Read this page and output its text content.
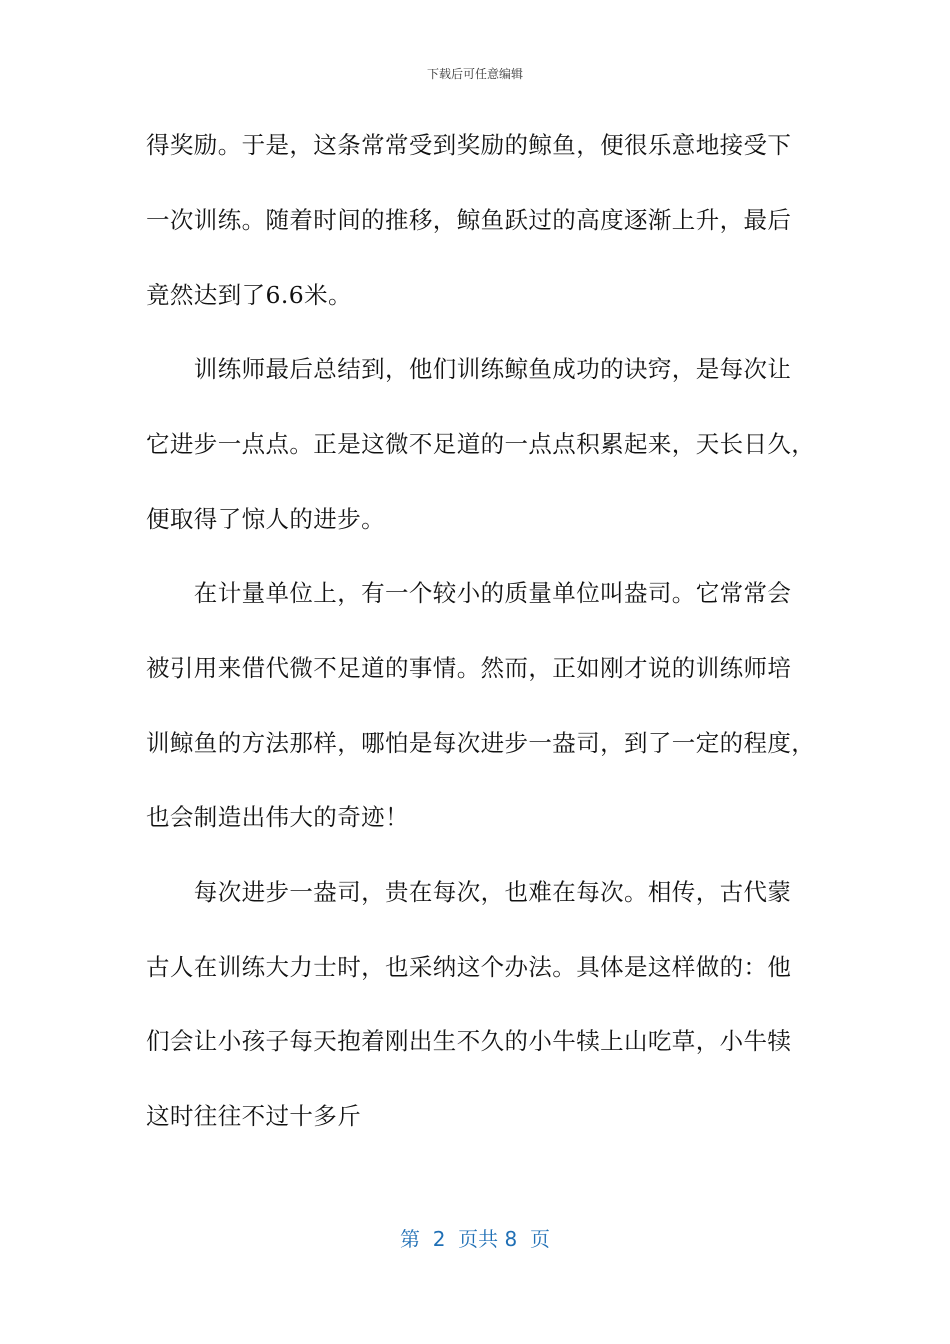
下载后可任意编辑
得奖励。于是，这条常常受到奖励的鲸鱼，便很乐意地接受下
一次训练。随着时间的推移，鲸鱼跃过的高度逐渐上升，最后
竟然达到了6.6米。
　　训练师最后总结到，他们训练鲸鱼成功的诀窍，是每次让
它进步一点点。正是这微不足道的一点点积累起来，天长日久，
便取得了惊人的进步。
　　在计量单位上，有一个较小的质量单位叫盎司。它常常会
被引用来借代微不足道的事情。然而，正如刚才说的训练师培
训鲸鱼的方法那样，哪怕是每次进步一盎司，到了一定的程度，
也会制造出伟大的奇迹！
　　每次进步一盎司，贵在每次，也难在每次。相传，古代蒙
古人在训练大力士时，也采纳这个办法。具体是这样做的：他
们会让小孩子每天抱着刚出生不久的小牛犊上山吃草，小牛犊
这时往往不过十多斤
第  2  页共 8  页
